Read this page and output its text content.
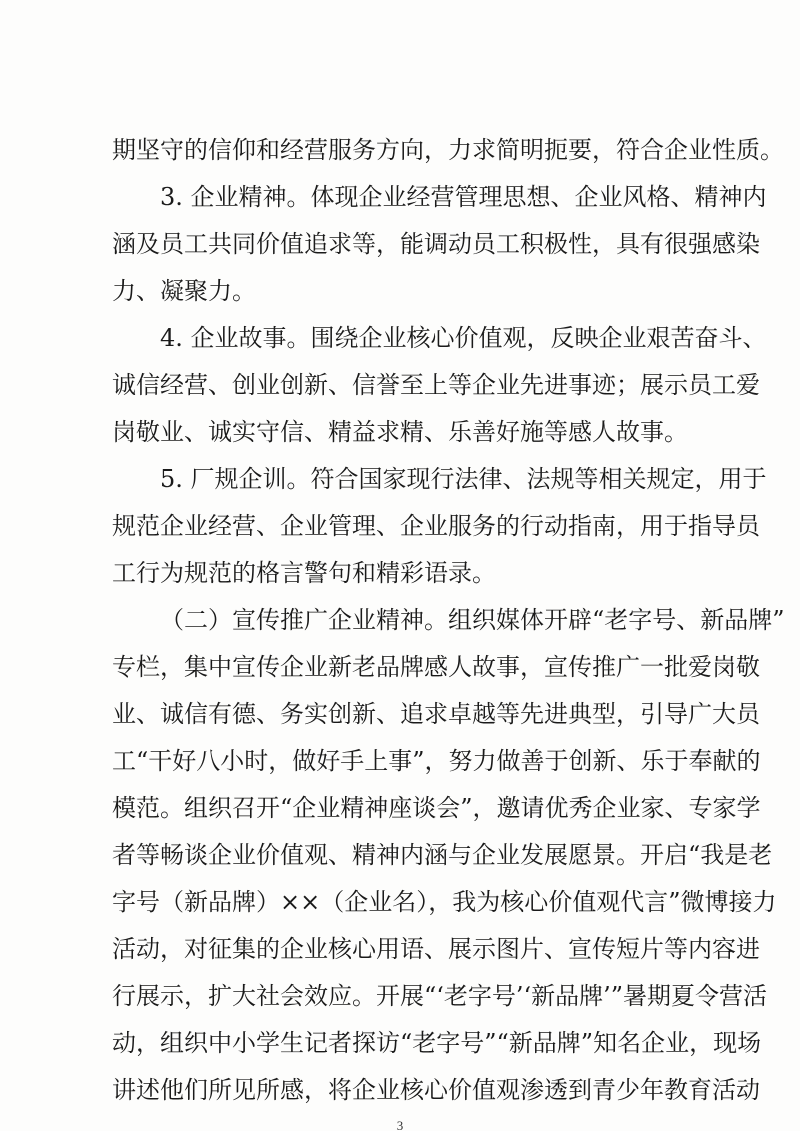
期坚守的信仰和经营服务方向，力求简明扼要，符合企业性质。

3. 企业精神。体现企业经营管理思想、企业风格、精神内

涵及员工共同价值追求等，能调动员工积极性，具有很强感染

力、凝聚力。

4. 企业故事。围绕企业核心价值观，反映企业艰苦奋斗、

诚信经营、创业创新、信誉至上等企业先进事迹；展示员工爱

岗敬业、诚实守信、精益求精、乐善好施等感人故事。

5. 厂规企训。符合国家现行法律、法规等相关规定，用于

规范企业经营、企业管理、企业服务的行动指南，用于指导员

工行为规范的格言警句和精彩语录。

（二）宣传推广企业精神。组织媒体开辟“老字号、新品牌”

专栏，集中宣传企业新老品牌感人故事，宣传推广一批爱岗敬

业、诚信有德、务实创新、追求卓越等先进典型，引导广大员

工“干好八小时，做好手上事”，努力做善于创新、乐于奉献的

模范。组织召开“企业精神座谈会”，邀请优秀企业家、专家学

者等畅谈企业价值观、精神内涵与企业发展愿景。开启“我是老

字号（新品牌）××（企业名），我为核心价值观代言”微博接力

活动，对征集的企业核心用语、展示图片、宣传短片等内容进

行展示，扩大社会效应。开展“‘老字号’‘新品牌’”暑期夏令营活

动，组织中小学生记者探访“老字号”“新品牌”知名企业，现场

讲述他们所见所感，将企业核心价值观渗透到青少年教育活动

3
